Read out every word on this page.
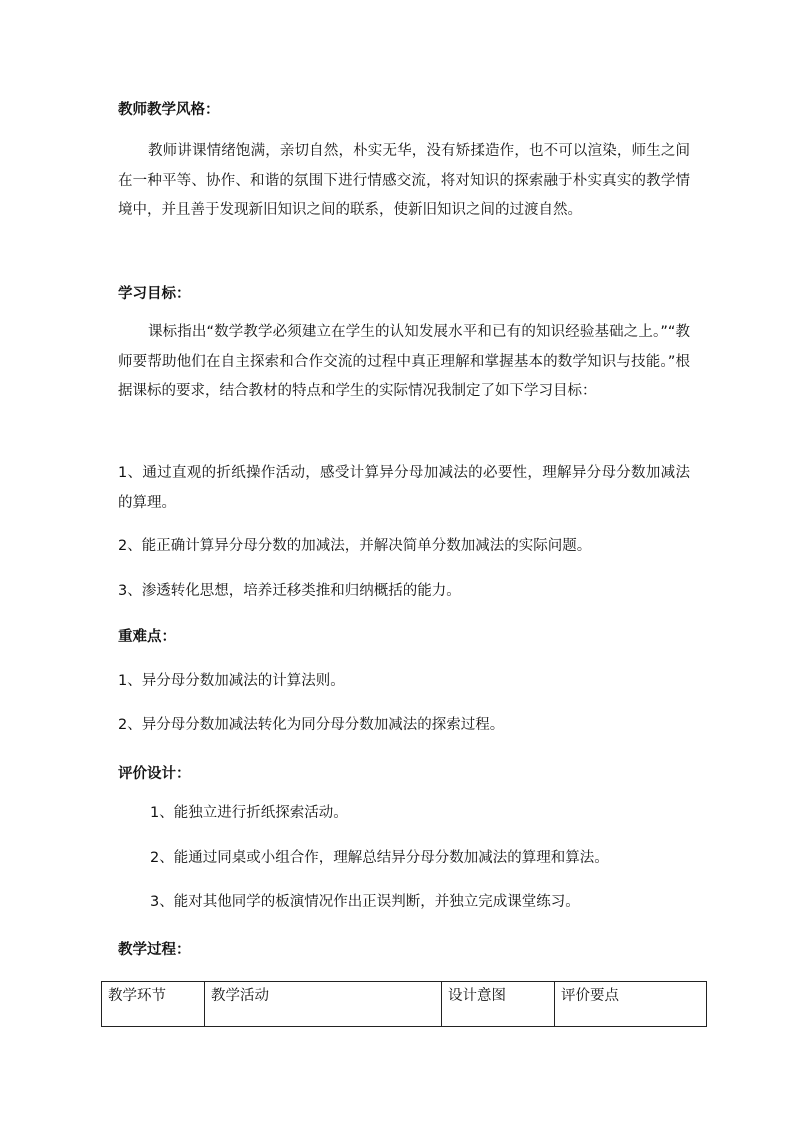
教师教学风格：

教师讲课情绪饱满，亲切自然，朴实无华，没有矫揉造作，也不可以渲染，师生之间在一种平等、协作、和谐的氛围下进行情感交流，将对知识的探索融于朴实真实的教学情境中，并且善于发现新旧知识之间的联系，使新旧知识之间的过渡自然。

学习目标：

课标指出“数学教学必须建立在学生的认知发展水平和已有的知识经验基础之上。”“教师要帮助他们在自主探索和合作交流的过程中真正理解和掌握基本的数学知识与技能。”根据课标的要求，结合教材的特点和学生的实际情况我制定了如下学习目标：

1、通过直观的折纸操作活动，感受计算异分母加减法的必要性，理解异分母分数加减法的算理。

2、能正确计算异分母分数的加减法，并解决简单分数加减法的实际问题。

3、渗透转化思想，培养迁移类推和归纳概括的能力。

重难点：

1、异分母分数加减法的计算法则。

2、异分母分数加减法转化为同分母分数加减法的探索过程。

评价设计：
1、能独立进行折纸探索活动。
2、能通过同桌或小组合作，理解总结异分母分数加减法的算理和算法。
3、能对其他同学的板演情况作出正误判断，并独立完成课堂练习。
教学过程：
教学环节	教学活动	设计意图	评价要点
